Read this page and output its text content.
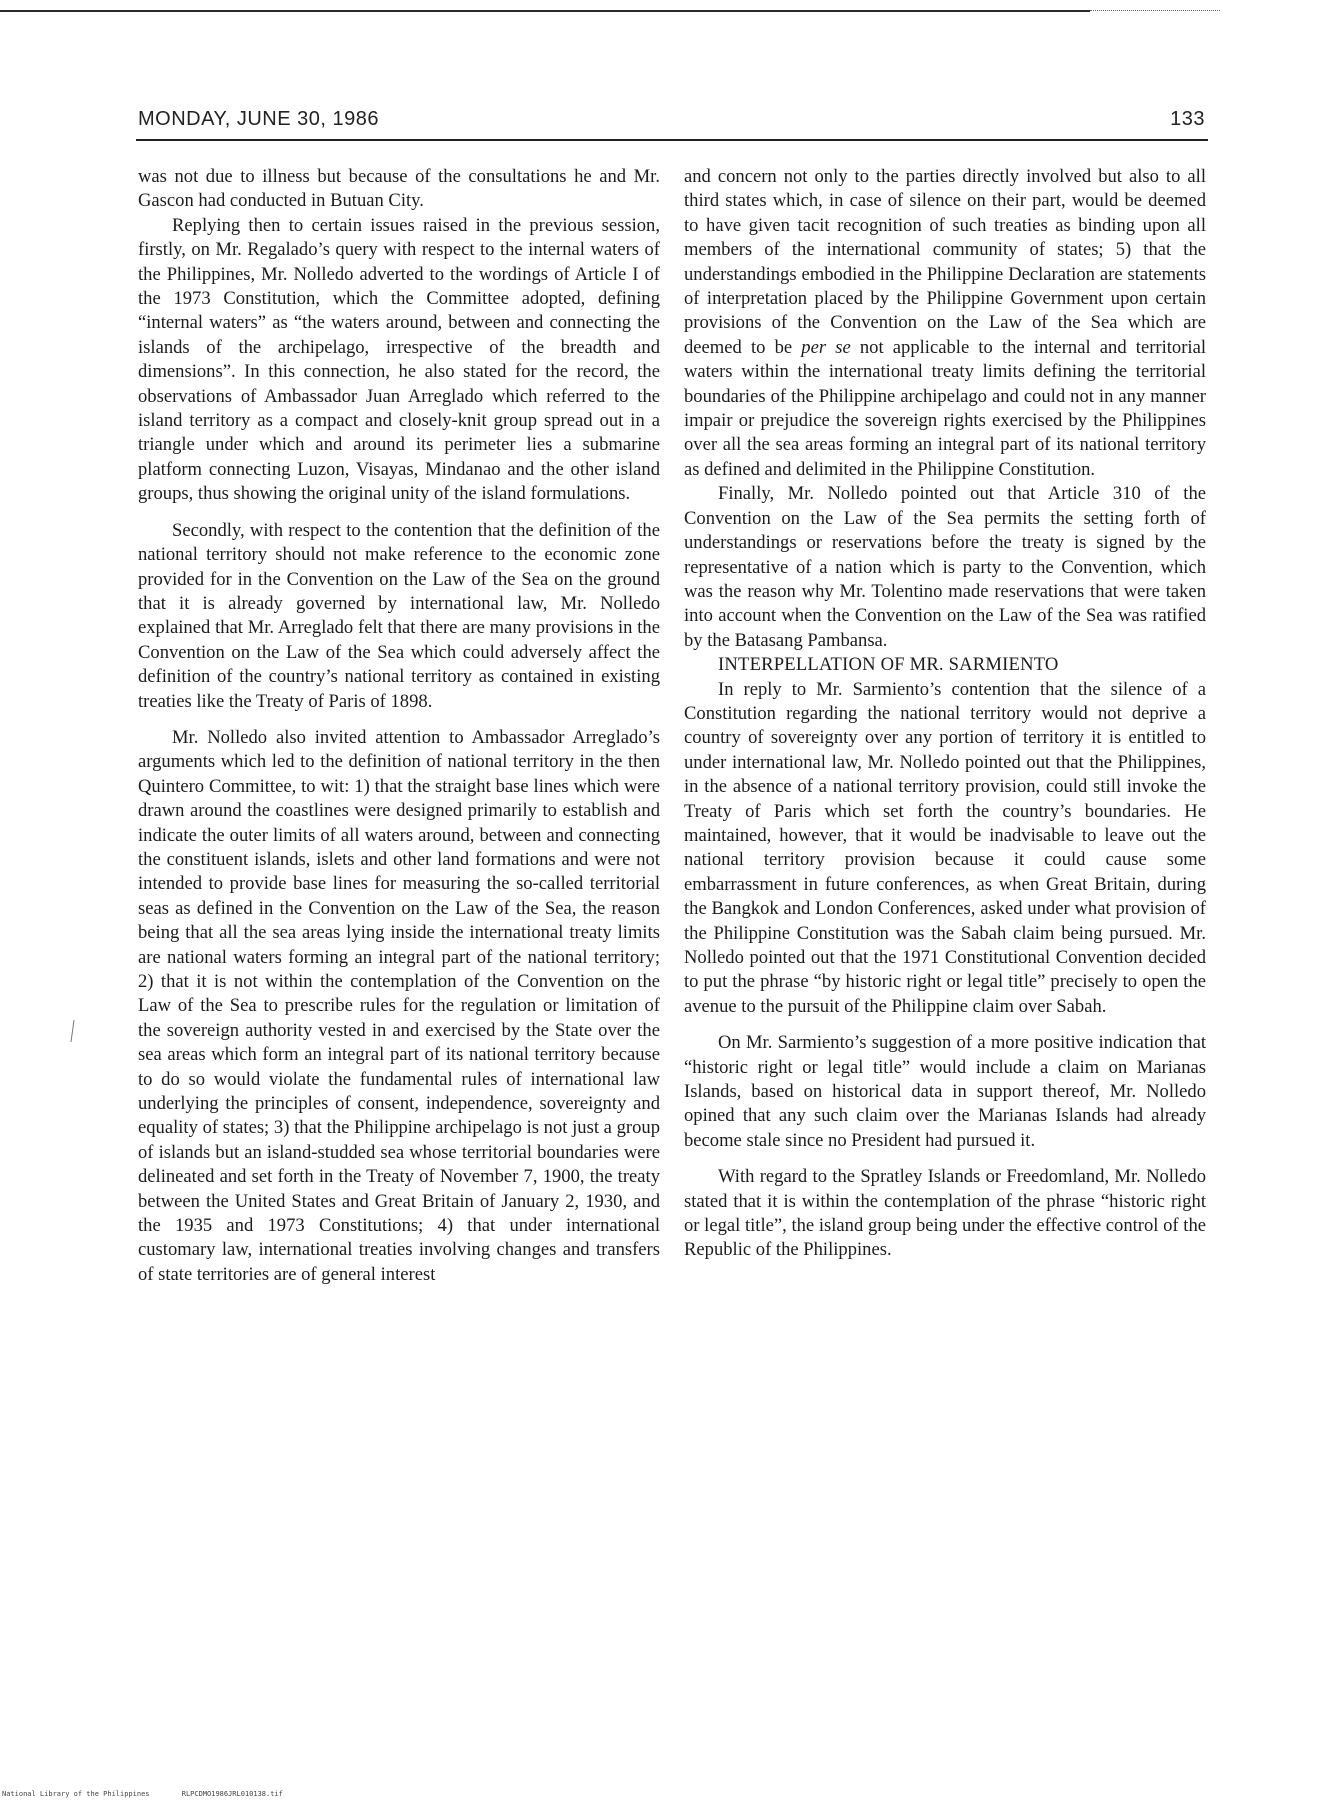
MONDAY, JUNE 30, 1986	133

was not due to illness but because of the consultations he and Mr. Gascon had conducted in Butuan City.

Replying then to certain issues raised in the previous session, firstly, on Mr. Regalado’s query with respect to the internal waters of the Philippines, Mr. Nolledo adverted to the wordings of Article I of the 1973 Constitution, which the Committee adopted, defining “internal waters” as “the waters around, between and connecting the islands of the archipelago, irrespective of the breadth and dimensions”. In this connection, he also stated for the record, the observations of Ambassador Juan Arreglado which referred to the island territory as a compact and closely-knit group spread out in a triangle under which and around its perimeter lies a submarine platform connecting Luzon, Visayas, Mindanao and the other island groups, thus showing the original unity of the island formulations.

Secondly, with respect to the contention that the definition of the national territory should not make reference to the economic zone provided for in the Convention on the Law of the Sea on the ground that it is already governed by international law, Mr. Nolledo explained that Mr. Arreglado felt that there are many provisions in the Convention on the Law of the Sea which could adversely affect the definition of the country’s national territory as contained in existing treaties like the Treaty of Paris of 1898.

Mr. Nolledo also invited attention to Ambassador Arreglado’s arguments which led to the definition of national territory in the then Quintero Committee, to wit: 1) that the straight base lines which were drawn around the coastlines were designed primarily to establish and indicate the outer limits of all waters around, between and connecting the constituent islands, islets and other land formations and were not intended to provide base lines for measuring the so-called territorial seas as defined in the Convention on the Law of the Sea, the reason being that all the sea areas lying inside the international treaty limits are national waters forming an integral part of the national territory; 2) that it is not within the contemplation of the Convention on the Law of the Sea to prescribe rules for the regulation or limitation of the sovereign authority vested in and exercised by the State over the sea areas which form an integral part of its national territory because to do so would violate the fundamental rules of international law underlying the principles of consent, independence, sovereignty and equality of states; 3) that the Philippine archipelago is not just a group of islands but an island-studded sea whose territorial boundaries were delineated and set forth in the Treaty of November 7, 1900, the treaty between the United States and Great Britain of January 2, 1930, and the 1935 and 1973 Constitutions; 4) that under international customary law, international treaties involving changes and transfers of state territories are of general interest

and concern not only to the parties directly involved but also to all third states which, in case of silence on their part, would be deemed to have given tacit recognition of such treaties as binding upon all members of the international community of states; 5) that the understandings embodied in the Philippine Declaration are statements of interpretation placed by the Philippine Government upon certain provisions of the Convention on the Law of the Sea which are deemed to be per se not applicable to the internal and territorial waters within the international treaty limits defining the territorial boundaries of the Philippine archipelago and could not in any manner impair or prejudice the sovereign rights exercised by the Philippines over all the sea areas forming an integral part of its national territory as defined and delimited in the Philippine Constitution.

Finally, Mr. Nolledo pointed out that Article 310 of the Convention on the Law of the Sea permits the setting forth of understandings or reservations before the treaty is signed by the representative of a nation which is party to the Convention, which was the reason why Mr. Tolentino made reservations that were taken into account when the Convention on the Law of the Sea was ratified by the Batasang Pambansa.

INTERPELLATION OF MR. SARMIENTO

In reply to Mr. Sarmiento’s contention that the silence of a Constitution regarding the national territory would not deprive a country of sovereignty over any portion of territory it is entitled to under international law, Mr. Nolledo pointed out that the Philippines, in the absence of a national territory provision, could still invoke the Treaty of Paris which set forth the country’s boundaries. He maintained, however, that it would be inadvisable to leave out the national territory provision because it could cause some embarrassment in future conferences, as when Great Britain, during the Bangkok and London Conferences, asked under what provision of the Philippine Constitution was the Sabah claim being pursued. Mr. Nolledo pointed out that the 1971 Constitutional Convention decided to put the phrase “by historic right or legal title” precisely to open the avenue to the pursuit of the Philippine claim over Sabah.

On Mr. Sarmiento’s suggestion of a more positive indication that “historic right or legal title” would include a claim on Marianas Islands, based on historical data in support thereof, Mr. Nolledo opined that any such claim over the Marianas Islands had already become stale since no President had pursued it.

With regard to the Spratley Islands or Freedomland, Mr. Nolledo stated that it is within the contemplation of the phrase “historic right or legal title”, the island group being under the effective control of the Republic of the Philippines.

National Library of the Philippines	RLPCDMO1986JRL010138.tif
